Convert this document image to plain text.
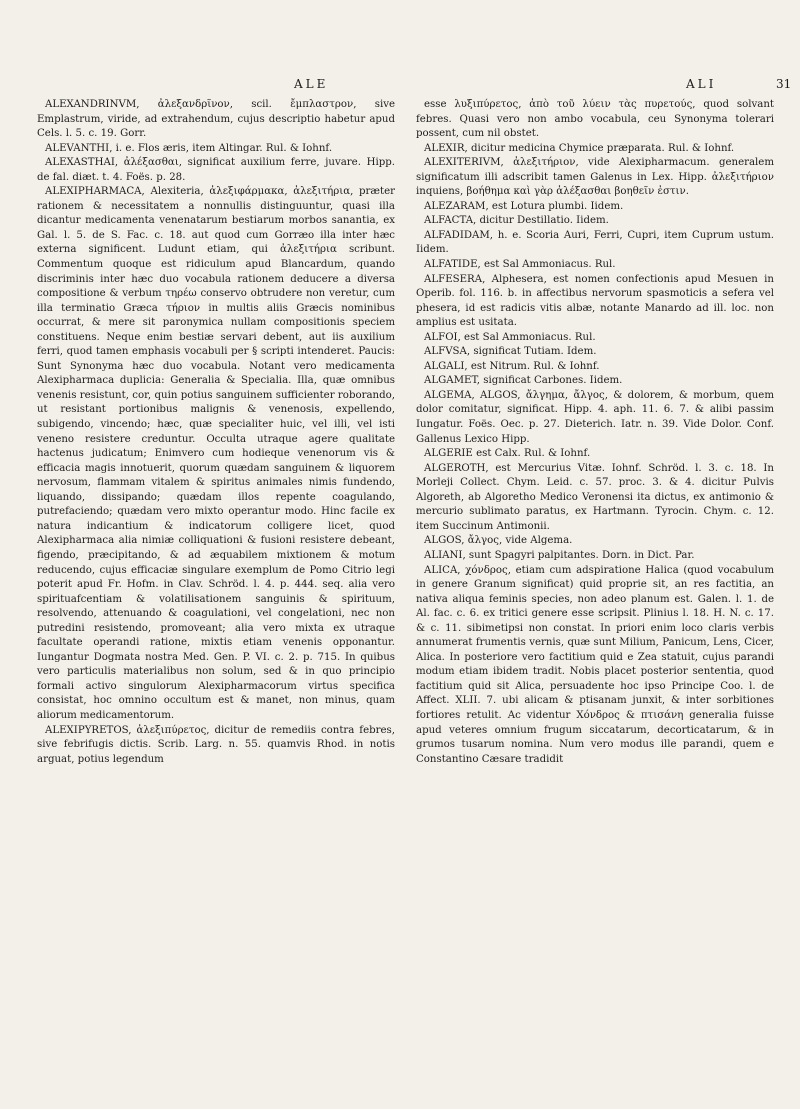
ALE	ALI	31

ALEXANDRINVM, ἀλεξανδρῖνον, scil. ἔμπλαστρον, sive Emplastrum, viride, ad extrahendum, cujus descriptio habetur apud Cels. l. 5. c. 19. Gorr.

ALEVANTHI, i. e. Flos æris, item Altingar. Rul. & Iohnf.

ALEXASTHAI, ἀλέξασθαι, significat auxilium ferre, juvare. Hipp. de fal. diæt. t. 4. Foës. p. 28.

ALEXIPHARMACA, Alexiteria, ἀλεξιφάρμακα, ἀλεξιτήρια, præter rationem & necessitatem a nonnullis distinguuntur, quasi illa dicantur medicamenta venenatarum bestiarum morbos sanantia, ex Gal. l. 5. de S. Fac. c. 18. aut quod cum Gorræo illa inter hæc externa significent. Ludunt etiam, qui ἀλεξιτήρια scribunt. Commentum quoque est ridiculum apud Blancardum, quando discriminis inter hæc duo vocabula rationem deducere a diversa compositione & verbum τηρέω conservo obtrudere non veretur, cum illa terminatio Græca τήριον in multis aliis Græcis nominibus occurrat, & mere sit paronymica nullam compositionis speciem constituens. Neque enim bestiæ servari debent, aut iis auxilium ferri, quod tamen emphasis vocabuli per § scripti intenderet. Paucis: Sunt Synonyma hæc duo vocabula. Notant vero medicamenta Alexipharmaca duplicia: Generalia & Specialia. Illa, quæ omnibus venenis resistunt, cor, quin potius sanguinem sufficienter roborando, ut resistant portionibus malignis & venenosis, expellendo, subigendo, vincendo; hæc, quæ specialiter huic, vel illi, vel isti veneno resistere creduntur. Occulta utraque agere qualitate hactenus judicatum; Enimvero cum hodieque venenorum vis & efficacia magis innotuerit, quorum quædam sanguinem & liquorem nervosum, flammam vitalem & spiritus animales nimis fundendo, liquando, dissipando; quædam illos repente coagulando, putrefaciendo; quædam vero mixto operantur modo. Hinc facile ex natura indicantium & indicatorum colligere licet, quod Alexipharmaca alia nimiæ colliquationi & fusioni resistere debeant, figendo, præcipitando, & ad æquabilem mixtionem & motum reducendo, cujus efficaciæ singulare exemplum de Pomo Citrio legi poterit apud Fr. Hofm. in Clav. Schröd. l. 4. p. 444. seq. alia vero spirituafcentiam & volatilisationem sanguinis & spirituum, resolvendo, attenuando & coagulationi, vel congelationi, nec non putredini resistendo, promoveant; alia vero mixta ex utraque facultate operandi ratione, mixtis etiam venenis opponantur. Iungantur Dogmata nostra Med. Gen. P. VI. c. 2. p. 715. In quibus vero particulis materialibus non solum, sed & in quo principio formali activo singulorum Alexipharmacorum virtus specifica consistat, hoc omnino occultum est & manet, non minus, quam aliorum medicamentorum.

ALEXIPYRETOS, ἀλεξιπύρετος, dicitur de remediis contra febres, sive febrifugis dictis. Scrib. Larg. n. 55. quamvis Rhod. in notis arguat, potius legendum

esse λυξιπύρετος, ἀπὸ τοῦ λύειν τὰς πυρετούς, quod solvant febres. Quasi vero non ambo vocabula, ceu Synonyma tolerari possent, cum nil obstet.

ALEXIR, dicitur medicina Chymice præparata. Rul. & Iohnf.

ALEXITERIVM, ἀλεξιτήριον, vide Alexipharmacum. generalem significatum illi adscribit tamen Galenus in Lex. Hipp. ἀλεξιτήριον inquiens, βοήθημα καὶ γὰρ ἀλέξασθαι βοηθεῖν ἐστιν.

ALEZARAM, est Lotura plumbi. Iidem.

ALFACTA, dicitur Destillatio. Iidem.

ALFADIDAM, h. e. Scoria Auri, Ferri, Cupri, item Cuprum ustum. Iidem.

ALFATIDE, est Sal Ammoniacus. Rul.

ALFESERA, Alphesera, est nomen confectionis apud Mesuen in Operib. fol. 116. b. in affectibus nervorum spasmoticis a sefera vel phesera, id est radicis vitis albæ, notante Manardo ad ill. loc. non amplius est usitata.

ALFOI, est Sal Ammoniacus. Rul.

ALFVSA, significat Tutiam. Idem.

ALGALI, est Nitrum. Rul. & Iohnf.

ALGAMET, significat Carbones. Iidem.

ALGEMA, ALGOS, ἄλγημα, ἄλγος, & dolorem, & morbum, quem dolor comitatur, significat. Hipp. 4. aph. 11. 6. 7. & alibi passim Iungatur. Foës. Oec. p. 27. Dieterich. Iatr. n. 39. Vide Dolor. Conf. Gallenus Lexico Hipp.

ALGERIE est Calx. Rul. & Iohnf.

ALGEROTH, est Mercurius Vitæ. Iohnf. Schröd. l. 3. c. 18. In Morleji Collect. Chym. Leid. c. 57. proc. 3. & 4. dicitur Pulvis Algoreth, ab Algoretho Medico Veronensi ita dictus, ex antimonio & mercurio sublimato paratus, ex Hartmann. Tyrocin. Chym. c. 12. item Succinum Antimonii.

ALGOS, ἄλγος, vide Algema.

ALIANI, sunt Spagyri palpitantes. Dorn. in Dict. Par.

ALICA, χόνδρος, etiam cum adspiratione Halica (quod vocabulum in genere Granum significat) quid proprie sit, an res factitia, an nativa aliqua feminis species, non adeo planum est. Galen. l. 1. de Al. fac. c. 6. ex tritici genere esse scripsit. Plinius l. 18. H. N. c. 17. & c. 11. sibimetipsi non constat. In priori enim loco claris verbis annumerat frumentis vernis, quæ sunt Milium, Panicum, Lens, Cicer, Alica. In posteriore vero factitium quid e Zea statuit, cujus parandi modum etiam ibidem tradit. Nobis placet posterior sententia, quod factitium quid sit Alica, persuadente hoc ipso Principe Coo. l. de Affect. XLII. 7. ubi alicam & ptisanam junxit, & inter sorbitiones fortiores retulit. Ac videntur Χόνδρος & πτισάνη generalia fuisse apud veteres omnium frugum siccatarum, decorticatarum, & in grumos tusarum nomina. Num vero modus ille parandi, quem e Constantino Cæsare tradidit
